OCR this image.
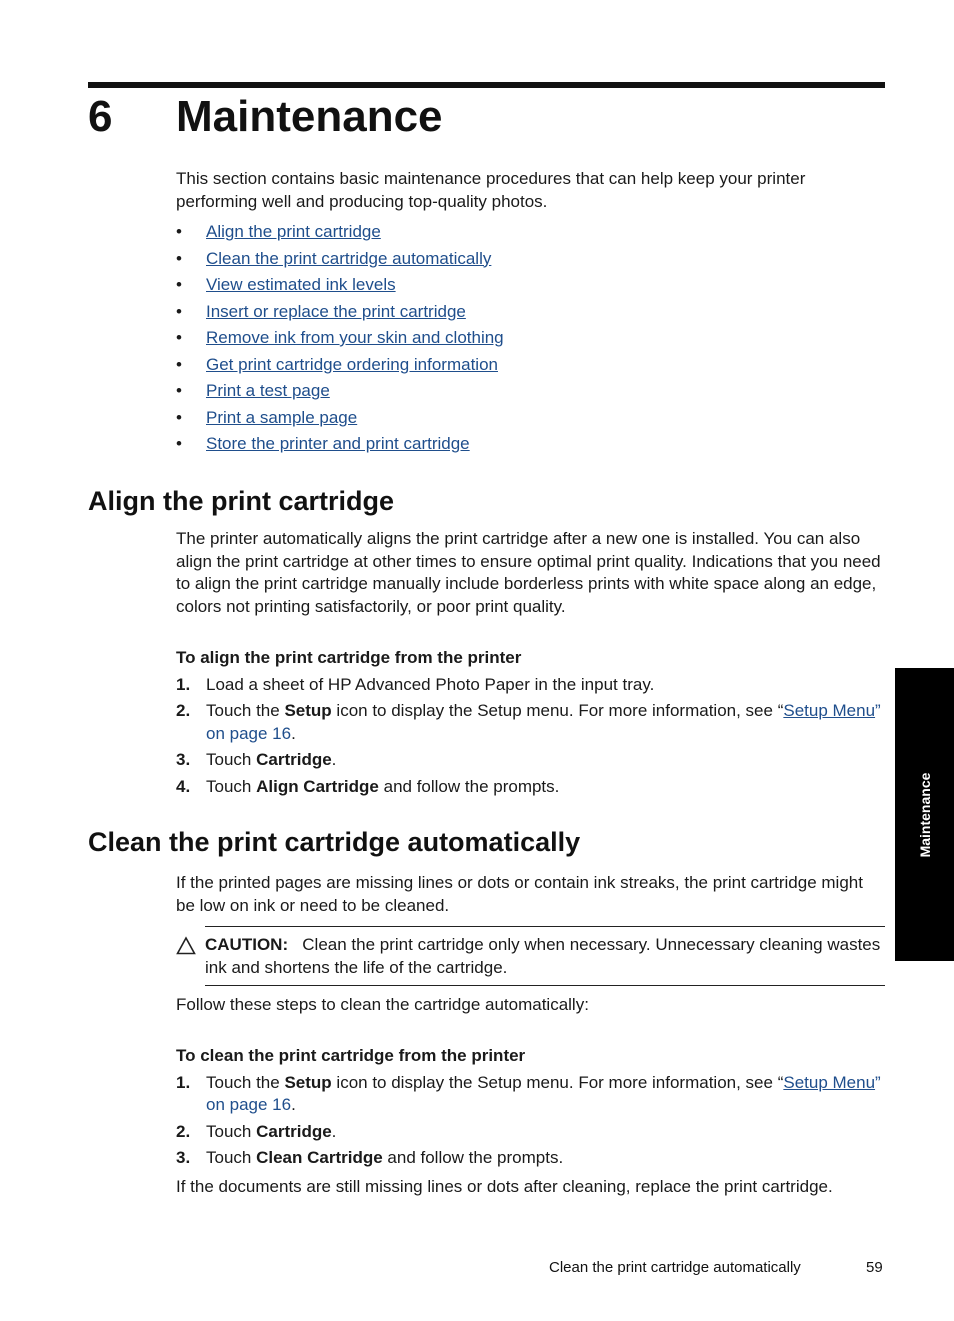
6 Maintenance

This section contains basic maintenance procedures that can help keep your printer performing well and producing top-quality photos.

• Align the print cartridge
• Clean the print cartridge automatically
• View estimated ink levels
• Insert or replace the print cartridge
• Remove ink from your skin and clothing
• Get print cartridge ordering information
• Print a test page
• Print a sample page
• Store the printer and print cartridge
Align the print cartridge

The printer automatically aligns the print cartridge after a new one is installed. You can also align the print cartridge at other times to ensure optimal print quality. Indications that you need to align the print cartridge manually include borderless prints with white space along an edge, colors not printing satisfactorily, or poor print quality.

To align the print cartridge from the printer

1. Load a sheet of HP Advanced Photo Paper in the input tray.
2. Touch the Setup icon to display the Setup menu. For more information, see “Setup Menu” on page 16.
3. Touch Cartridge.
4. Touch Align Cartridge and follow the prompts.
Clean the print cartridge automatically

If the printed pages are missing lines or dots or contain ink streaks, the print cartridge might be low on ink or need to be cleaned.

CAUTION: Clean the print cartridge only when necessary. Unnecessary cleaning wastes ink and shortens the life of the cartridge.

Follow these steps to clean the cartridge automatically:

To clean the print cartridge from the printer

1. Touch the Setup icon to display the Setup menu. For more information, see “Setup Menu” on page 16.
2. Touch Cartridge.
3. Touch Clean Cartridge and follow the prompts.

If the documents are still missing lines or dots after cleaning, replace the print cartridge.

Maintenance
Clean the print cartridge automatically	59
